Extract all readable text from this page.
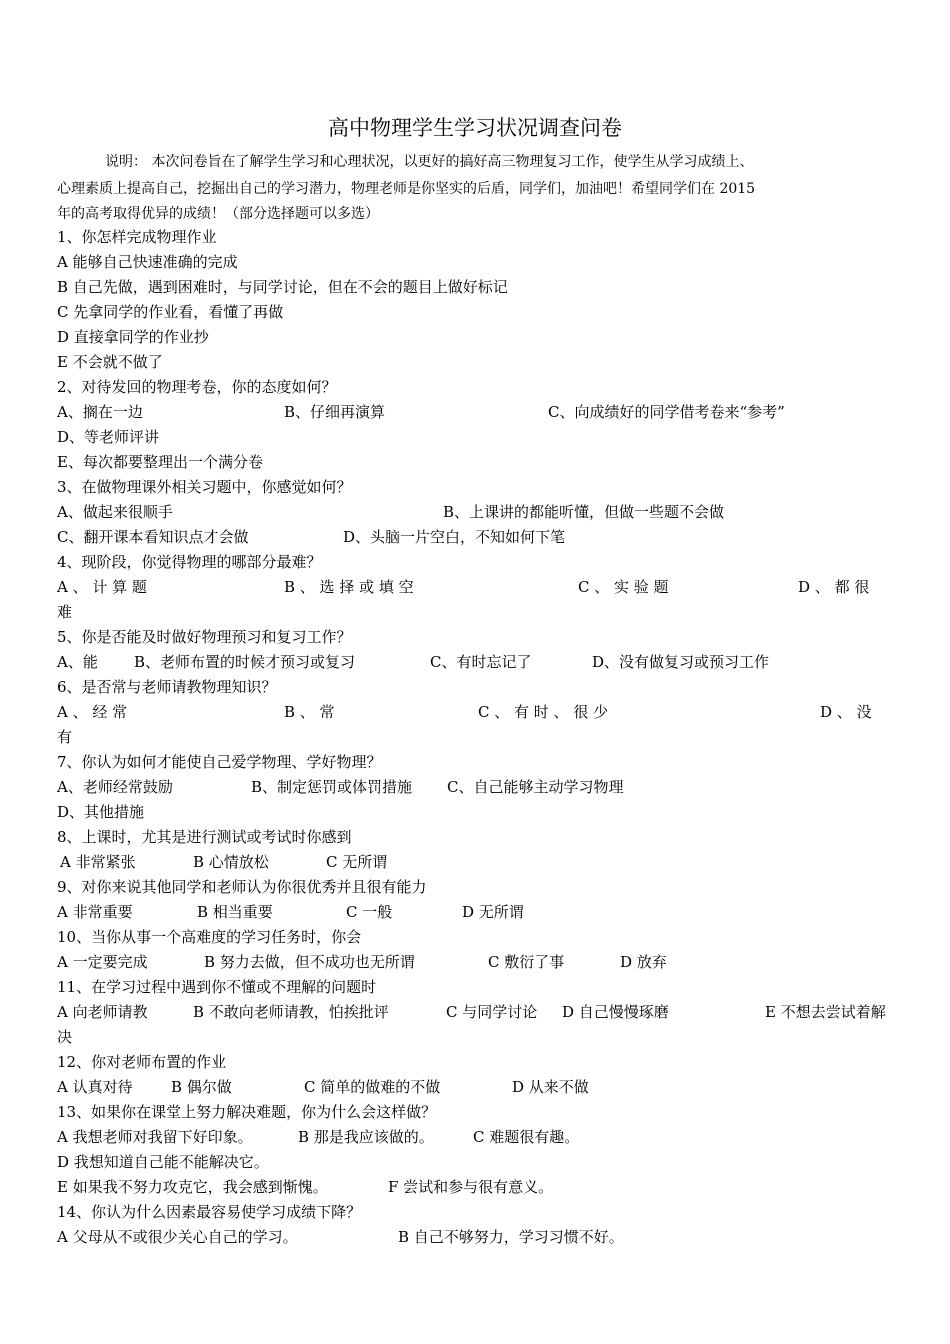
高中物理学生学习状况调查问卷
说明： 本次问卷旨在了解学生学习和心理状况，以更好的搞好高三物理复习工作，使学生从学习成绩上、
心理素质上提高自己，挖掘出自己的学习潜力，物理老师是你坚实的后盾，同学们，加油吧！希望同学们在 2015
年的高考取得优异的成绩！（部分选择题可以多选）
1、你怎样完成物理作业
A 能够自己快速准确的完成
B 自己先做，遇到困难时，与同学讨论，但在不会的题目上做好标记
C 先拿同学的作业看，看懂了再做
D 直接拿同学的作业抄
E 不会就不做了
2、对待发回的物理考卷，你的态度如何？
A、搁在一边	B、仔细再演算	C、向成绩好的同学借考卷来“参考”
D、等老师评讲
E、每次都要整理出一个满分卷
3、在做物理课外相关习题中，你感觉如何？
A、做起来很顺手	B、上课讲的都能听懂，但做一些题不会做
C、翻开课本看知识点才会做	D、头脑一片空白，不知如何下笔
4、现阶段，你觉得物理的哪部分最难？
A 、 计 算 题	B 、 选 择 或 填 空	C 、 实 验 题	D 、 都 很
难
5、你是否能及时做好物理预习和复习工作？
A、能 B、老师布置的时候才预习或复习	C、有时忘记了	D、没有做复习或预习工作
6、是否常与老师请教物理知识？
A 、 经 常	B 、 常	C 、 有 时 、 很 少	D 、 没
有
7、你认为如何才能使自己爱学物理、学好物理？
A、老师经常鼓励	B、制定惩罚或体罚措施 C、自己能够主动学习物理
D、其他措施
8、上课时，尤其是进行测试或考试时你感到
A 非常紧张	B 心情放松	C 无所谓
9、对你来说其他同学和老师认为你很优秀并且很有能力
A 非常重要	B 相当重要	C 一般	D 无所谓
10、当你从事一个高难度的学习任务时，你会
A 一定要完成	B 努力去做，但不成功也无所谓	C 敷衍了事	D 放弃
11、在学习过程中遇到你不懂或不理解的问题时
A 向老师请教	B 不敢向老师请教，怕挨批评	C 与同学讨论 D 自己慢慢琢磨	E 不想去尝试着解
决
12、你对老师布置的作业
A 认真对待	B 偶尔做	C 简单的做难的不做	D 从来不做
13、如果你在课堂上努力解决难题，你为什么会这样做？
A 我想老师对我留下好印象。	B 那是我应该做的。	C 难题很有趣。
D 我想知道自己能不能解决它。
E 如果我不努力攻克它，我会感到惭愧。	F 尝试和参与很有意义。
14、你认为什么因素最容易使学习成绩下降？
A 父母从不或很少关心自己的学习。	B 自己不够努力，学习习惯不好。
